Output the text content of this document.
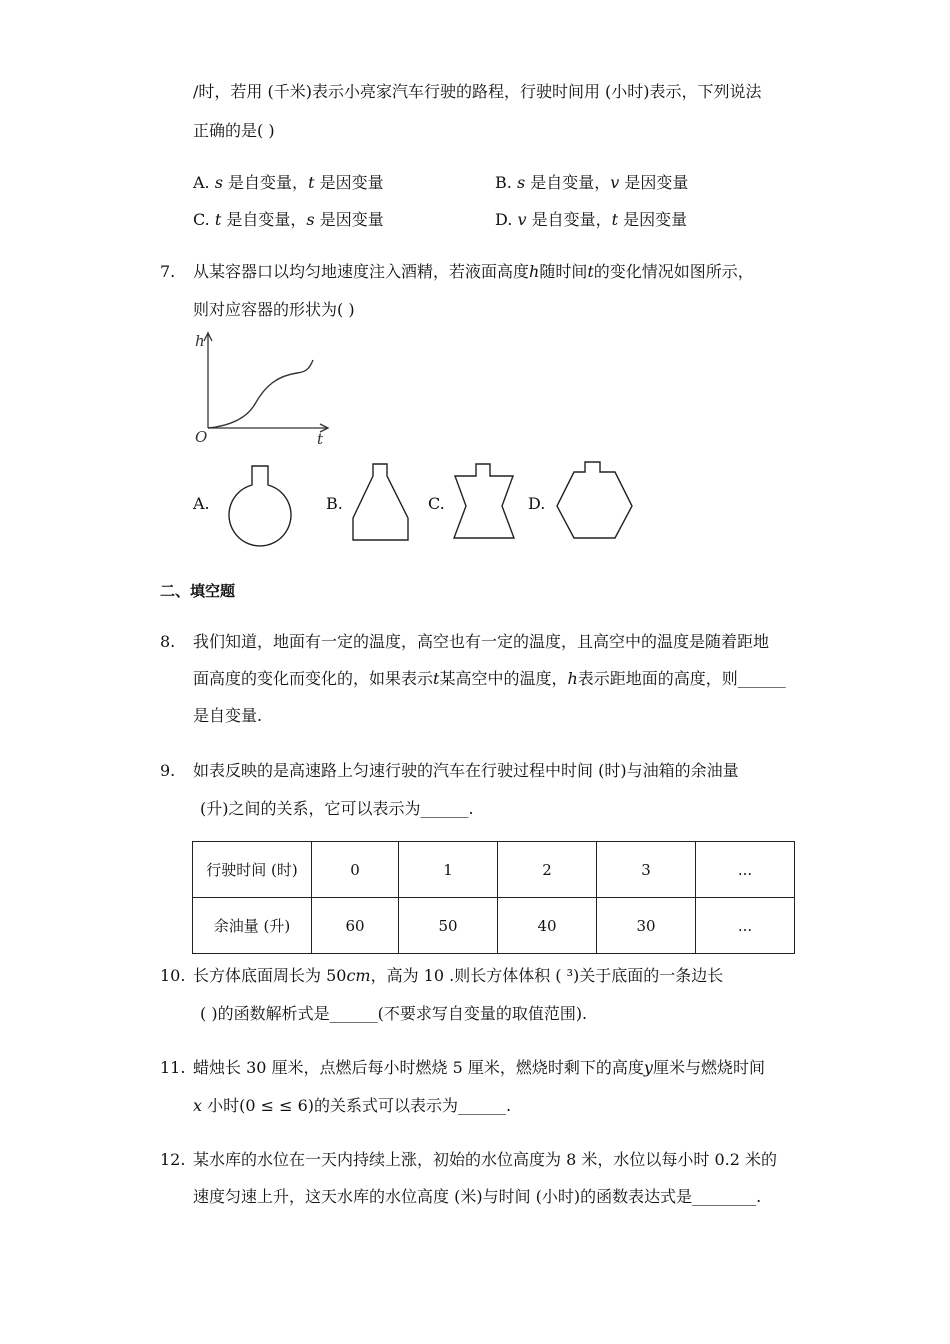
/时，若用 (千米)表示小亮家汽车行驶的路程，行驶时间用 (小时)表示，下列说法
正确的是( )
A. s 是自变量，t 是因变量	B. s 是自变量，v 是因变量
C. t 是自变量，s 是因变量	D. v 是自变量，t 是因变量
7. 从某容器口以均匀地速度注入酒精，若液面高度h随时间t的变化情况如图所示，
则对应容器的形状为( )
h
t
O
A.	B.	C.	D.
二、填空题
8. 我们知道，地面有一定的温度，高空也有一定的温度，且高空中的温度是随着距地
面高度的变化而变化的，如果表示t某高空中的温度，h表示距地面的高度，则______
是自变量.
9. 如表反映的是高速路上匀速行驶的汽车在行驶过程中时间 (时)与油箱的余油量
(升)之间的关系，它可以表示为______.
行驶时间 (时)	0	1	2	3	...
余油量 (升)	60	50	40	30	...
10. 长方体底面周长为 50cm，高为 10 .则长方体体积 ( ³)关于底面的一条边长
( )的函数解析式是______(不要求写自变量的取值范围).
11. 蜡烛长 30 厘米，点燃后每小时燃烧 5 厘米，燃烧时剩下的高度y厘米与燃烧时间
x 小时(0 ≤ ≤ 6)的关系式可以表示为______.
12. 某水库的水位在一天内持续上涨，初始的水位高度为 8 米，水位以每小时 0.2 米的
速度匀速上升，这天水库的水位高度 (米)与时间 (小时)的函数表达式是________.
